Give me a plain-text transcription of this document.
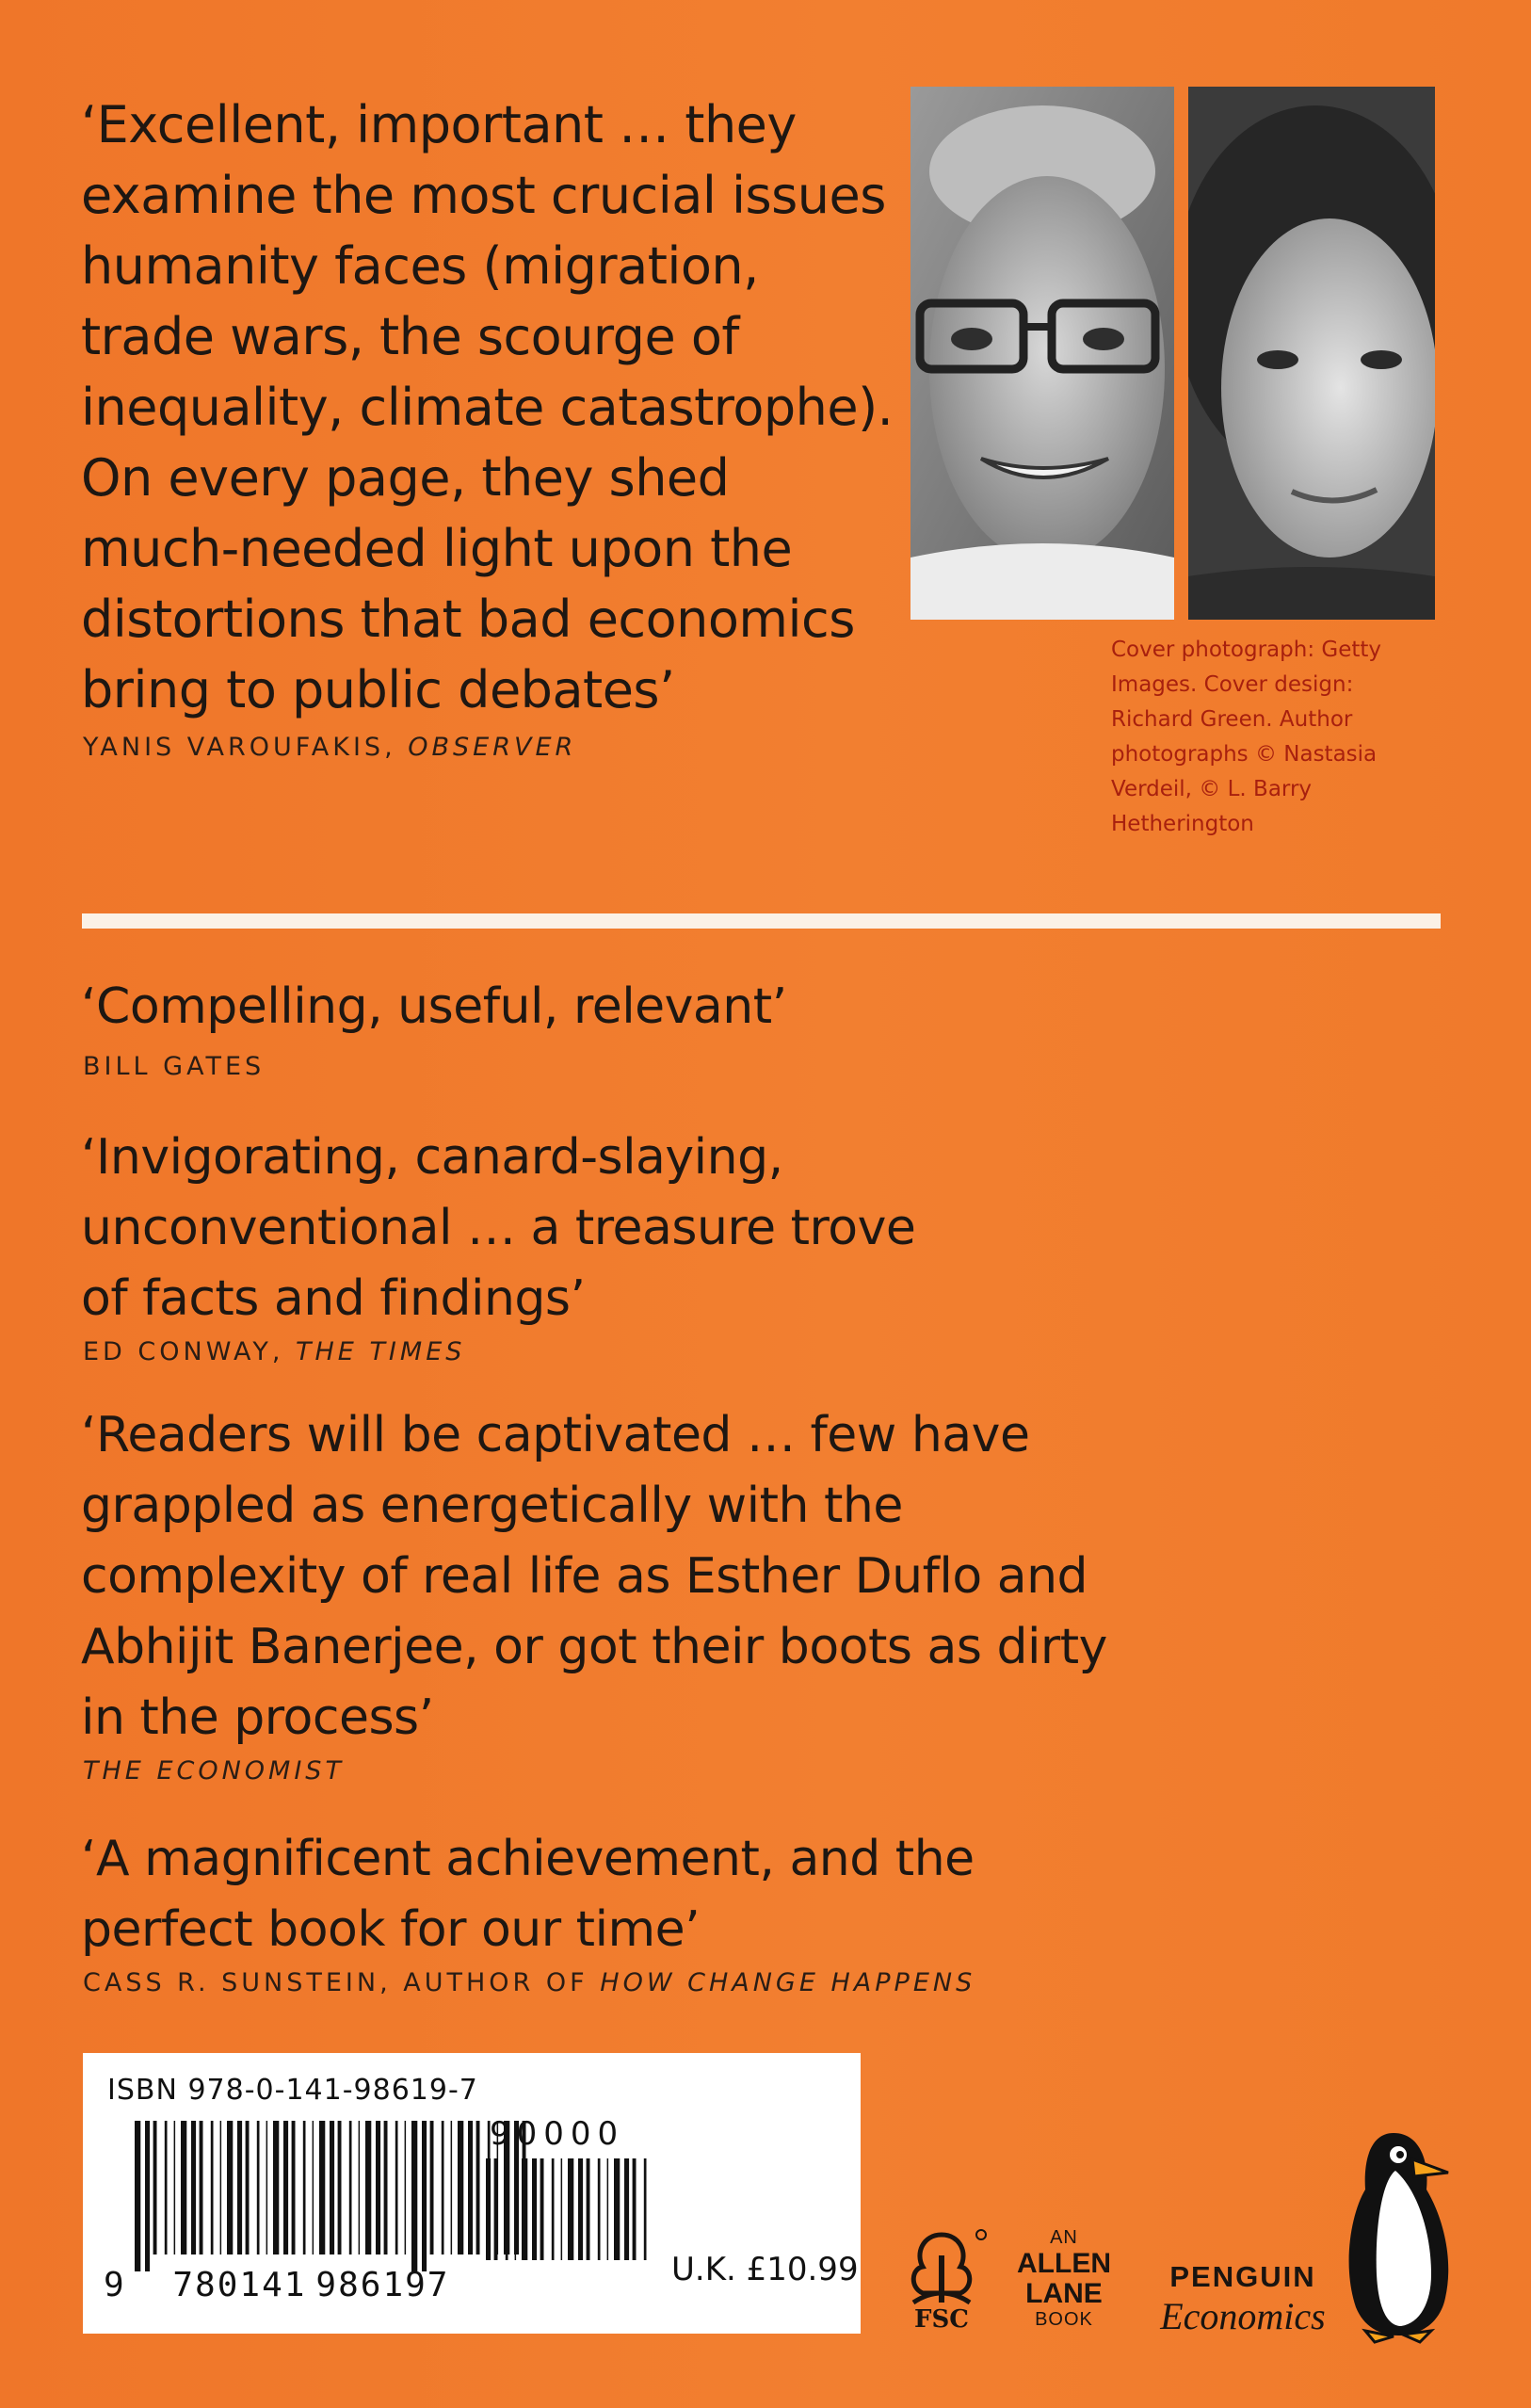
‘Excellent, important … they
examine the most crucial issues
humanity faces (migration,
trade wars, the scourge of
inequality, climate catastrophe).
On every page, they shed
much-needed light upon the
distortions that bad economics
bring to public debates’
YANIS VAROUFAKIS, OBSERVER
Cover photograph: Getty
Images. Cover design:
Richard Green. Author
photographs © Nastasia
Verdeil, © L. Barry
Hetherington
‘Compelling, useful, relevant’
BILL GATES
‘Invigorating, canard-slaying,
unconventional … a treasure trove
of facts and findings’
ED CONWAY, THE TIMES
‘Readers will be captivated … few have
grappled as energetically with the
complexity of real life as Esther Duflo and
Abhijit Banerjee, or got their boots as dirty
in the process’
THE ECONOMIST
‘A magnificent achievement, and the
perfect book for our time’
CASS R. SUNSTEIN, AUTHOR OF HOW CHANGE HAPPENS
ISBN 978-0-141-98619-7
90000
9 780141 986197	U.K. £10.99
FSC
AN
ALLEN
LANE
BOOK
PENGUIN
Economics
